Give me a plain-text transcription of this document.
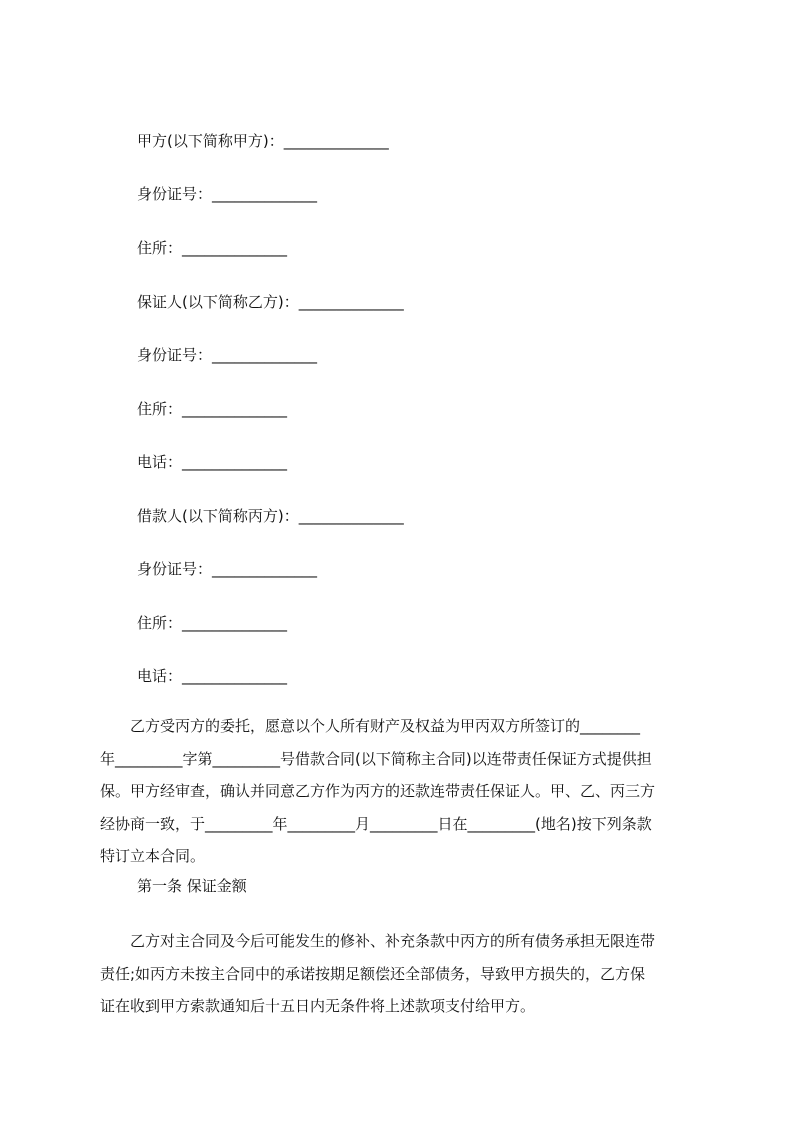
甲方(以下简称甲方)：______________
身份证号：______________
住所：______________
保证人(以下简称乙方)：______________
身份证号：______________
住所：______________
电话：______________
借款人(以下简称丙方)：______________
身份证号：______________
住所：______________
电话：______________
　　乙方受丙方的委托，愿意以个人所有财产及权益为甲丙双方所签订的________
年_________字第_________号借款合同(以下简称主合同)以连带责任保证方式提供担
保。甲方经审查，确认并同意乙方作为丙方的还款连带责任保证人。甲、乙、丙三方
经协商一致，于_________年_________月_________日在_________(地名)按下列条款
特订立本合同。
第一条 保证金额
　　乙方对主合同及今后可能发生的修补、补充条款中丙方的所有债务承担无限连带
责任;如丙方未按主合同中的承诺按期足额偿还全部债务，导致甲方损失的，乙方保
证在收到甲方索款通知后十五日内无条件将上述款项支付给甲方。
